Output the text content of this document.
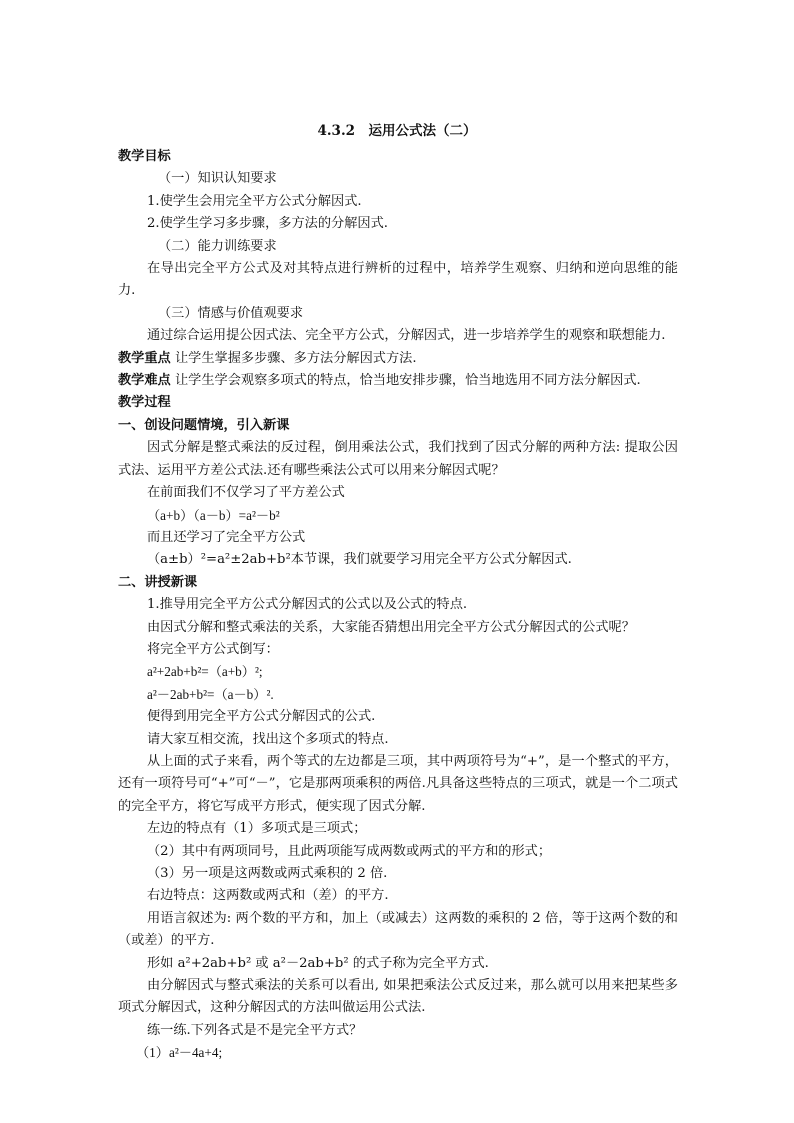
4.3.2　运用公式法（二）
教学目标
（一）知识认知要求
1.使学生会用完全平方公式分解因式.
2.使学生学习多步骤，多方法的分解因式.
（二）能力训练要求
在导出完全平方公式及对其特点进行辨析的过程中，培养学生观察、归纳和逆向思维的能力.
（三）情感与价值观要求
通过综合运用提公因式法、完全平方公式，分解因式，进一步培养学生的观察和联想能力.
教学重点 让学生掌握多步骤、多方法分解因式方法.
教学难点 让学生学会观察多项式的特点，恰当地安排步骤，恰当地选用不同方法分解因式.
教学过程
一、创设问题情境，引入新课
因式分解是整式乘法的反过程，倒用乘法公式，我们找到了因式分解的两种方法: 提取公因式法、运用平方差公式法.还有哪些乘法公式可以用来分解因式呢？
在前面我们不仅学习了平方差公式
（a+b）（a－b）=a²－b²
而且还学习了完全平方公式
（a±b）²=a²±2ab+b²本节课，我们就要学习用完全平方公式分解因式.
二、讲授新课
1.推导用完全平方公式分解因式的公式以及公式的特点.
由因式分解和整式乘法的关系，大家能否猜想出用完全平方公式分解因式的公式呢？
将完全平方公式倒写：
a²+2ab+b²=（a+b）²;
a²－2ab+b²=（a－b）².
便得到用完全平方公式分解因式的公式.
请大家互相交流，找出这个多项式的特点.
从上面的式子来看，两个等式的左边都是三项，其中两项符号为“+”，是一个整式的平方，还有一项符号可“+”可“－”，它是那两项乘积的两倍.凡具备这些特点的三项式，就是一个二项式的完全平方，将它写成平方形式，便实现了因式分解.
左边的特点有（1）多项式是三项式；
（2）其中有两项同号，且此两项能写成两数或两式的平方和的形式；
（3）另一项是这两数或两式乘积的 2 倍.
右边特点：这两数或两式和（差）的平方.
用语言叙述为: 两个数的平方和，加上（或减去）这两数的乘积的 2 倍，等于这两个数的和（或差）的平方.
形如 a²+2ab+b² 或 a²－2ab+b² 的式子称为完全平方式.
由分解因式与整式乘法的关系可以看出, 如果把乘法公式反过来，那么就可以用来把某些多项式分解因式，这种分解因式的方法叫做运用公式法.
练一练.下列各式是不是完全平方式？
（1）a²－4a+4;
